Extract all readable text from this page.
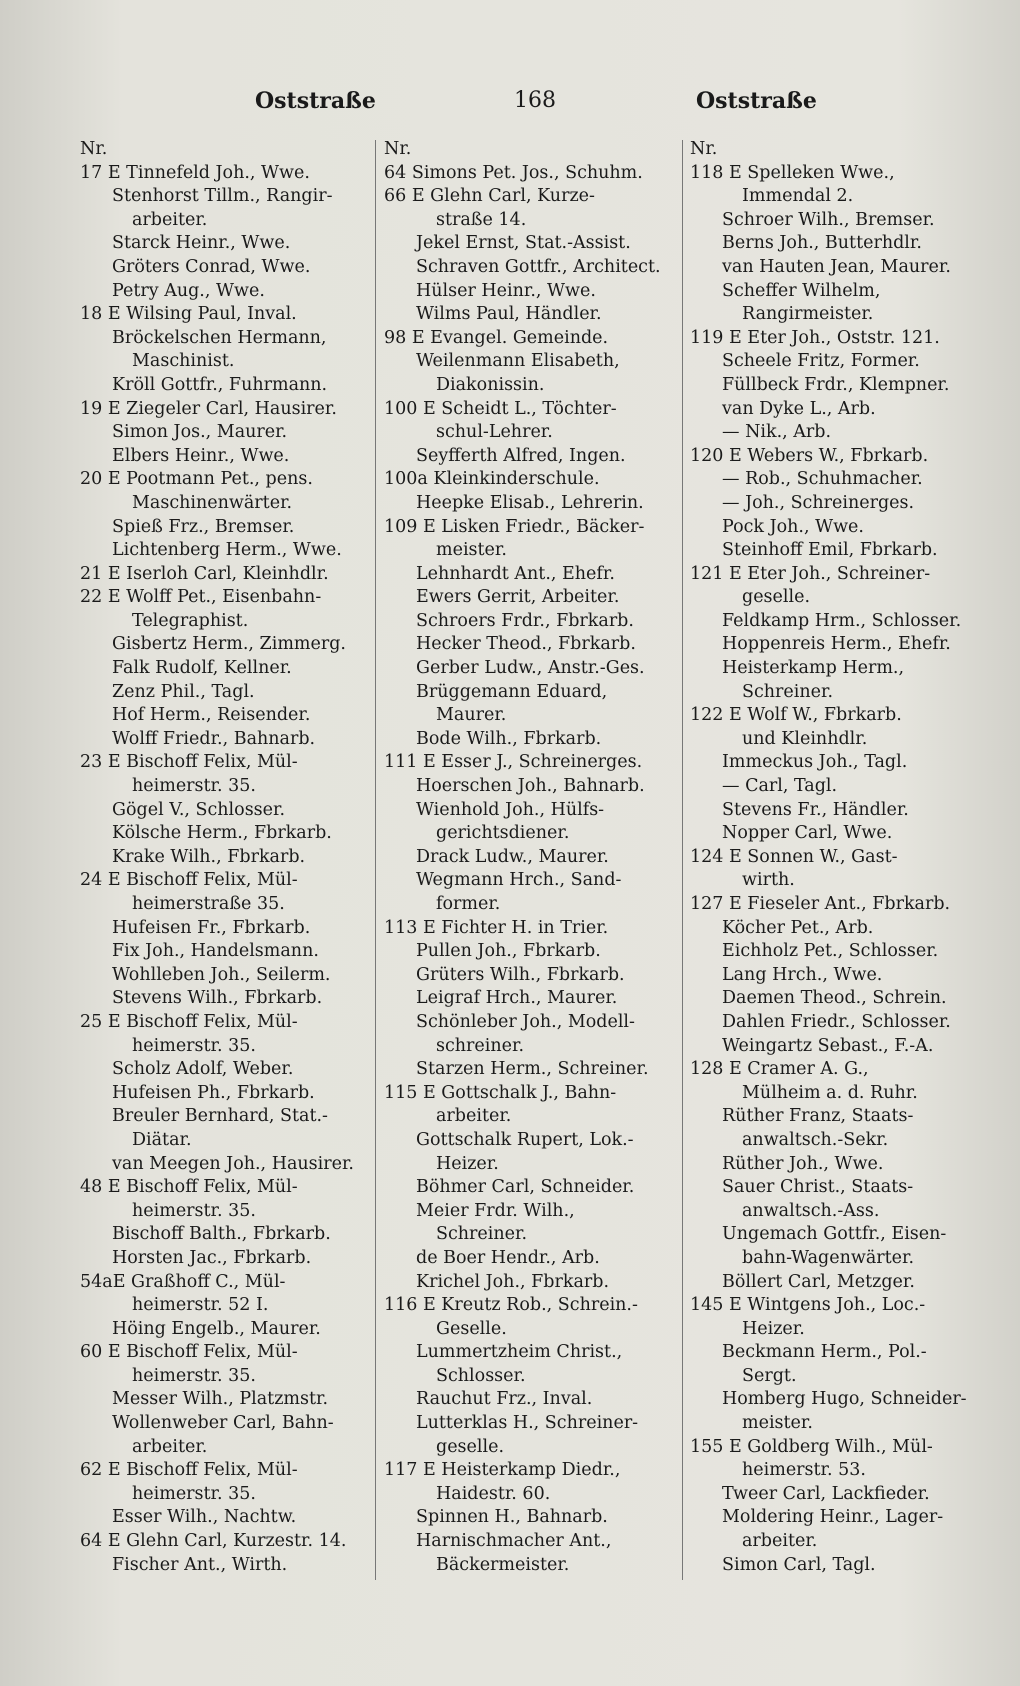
Oststraße	168	Oststraße
Nr.
17 E Tinnefeld Joh., Wwe.
Stenhorst Tillm., Rangir-
arbeiter.
Starck Heinr., Wwe.
Gröters Conrad, Wwe.
Petry Aug., Wwe.
18 E Wilsing Paul, Inval.
Bröckelschen Hermann,
Maschinist.
Kröll Gottfr., Fuhrmann.
19 E Ziegeler Carl, Hausirer.
Simon Jos., Maurer.
Elbers Heinr., Wwe.
20 E Pootmann Pet., pens.
Maschinenwärter.
Spieß Frz., Bremser.
Lichtenberg Herm., Wwe.
21 E Iserloh Carl, Kleinhdlr.
22 E Wolff Pet., Eisenbahn-
Telegraphist.
Gisbertz Herm., Zimmerg.
Falk Rudolf, Kellner.
Zenz Phil., Tagl.
Hof Herm., Reisender.
Wolff Friedr., Bahnarb.
23 E Bischoff Felix, Mül-
heimerstr. 35.
Gögel V., Schlosser.
Kölsche Herm., Fbrkarb.
Krake Wilh., Fbrkarb.
24 E Bischoff Felix, Mül-
heimerstraße 35.
Hufeisen Fr., Fbrkarb.
Fix Joh., Handelsmann.
Wohlleben Joh., Seilerm.
Stevens Wilh., Fbrkarb.
25 E Bischoff Felix, Mül-
heimerstr. 35.
Scholz Adolf, Weber.
Hufeisen Ph., Fbrkarb.
Breuler Bernhard, Stat.-
Diätar.
van Meegen Joh., Hausirer.
48 E Bischoff Felix, Mül-
heimerstr. 35.
Bischoff Balth., Fbrkarb.
Horsten Jac., Fbrkarb.
54aE Graßhoff C., Mül-
heimerstr. 52 I.
Höing Engelb., Maurer.
60 E Bischoff Felix, Mül-
heimerstr. 35.
Messer Wilh., Platzmstr.
Wollenweber Carl, Bahn-
arbeiter.
62 E Bischoff Felix, Mül-
heimerstr. 35.
Esser Wilh., Nachtw.
64 E Glehn Carl, Kurzestr. 14.
Fischer Ant., Wirth.
Nr.
64 Simons Pet. Jos., Schuhm.
66 E Glehn Carl, Kurze-
straße 14.
Jekel Ernst, Stat.-Assist.
Schraven Gottfr., Architect.
Hülser Heinr., Wwe.
Wilms Paul, Händler.
98 E Evangel. Gemeinde.
Weilenmann Elisabeth,
Diakonissin.
100 E Scheidt L., Töchter-
schul-Lehrer.
Seyfferth Alfred, Ingen.
100a Kleinkinderschule.
Heepke Elisab., Lehrerin.
109 E Lisken Friedr., Bäcker-
meister.
Lehnhardt Ant., Ehefr.
Ewers Gerrit, Arbeiter.
Schroers Frdr., Fbrkarb.
Hecker Theod., Fbrkarb.
Gerber Ludw., Anstr.-Ges.
Brüggemann Eduard,
Maurer.
Bode Wilh., Fbrkarb.
111 E Esser J., Schreinerges.
Hoerschen Joh., Bahnarb.
Wienhold Joh., Hülfs-
gerichtsdiener.
Drack Ludw., Maurer.
Wegmann Hrch., Sand-
former.
113 E Fichter H. in Trier.
Pullen Joh., Fbrkarb.
Grüters Wilh., Fbrkarb.
Leigraf Hrch., Maurer.
Schönleber Joh., Modell-
schreiner.
Starzen Herm., Schreiner.
115 E Gottschalk J., Bahn-
arbeiter.
Gottschalk Rupert, Lok.-
Heizer.
Böhmer Carl, Schneider.
Meier Frdr. Wilh.,
Schreiner.
de Boer Hendr., Arb.
Krichel Joh., Fbrkarb.
116 E Kreutz Rob., Schrein.-
Geselle.
Lummertzheim Christ.,
Schlosser.
Rauchut Frz., Inval.
Lutterklas H., Schreiner-
geselle.
117 E Heisterkamp Diedr.,
Haidestr. 60.
Spinnen H., Bahnarb.
Harnischmacher Ant.,
Bäckermeister.
Nr.
118 E Spelleken Wwe.,
Immendal 2.
Schroer Wilh., Bremser.
Berns Joh., Butterhdlr.
van Hauten Jean, Maurer.
Scheffer Wilhelm,
Rangirmeister.
119 E Eter Joh., Oststr. 121.
Scheele Fritz, Former.
Füllbeck Frdr., Klempner.
van Dyke L., Arb.
— Nik., Arb.
120 E Webers W., Fbrkarb.
— Rob., Schuhmacher.
— Joh., Schreinerges.
Pock Joh., Wwe.
Steinhoff Emil, Fbrkarb.
121 E Eter Joh., Schreiner-
geselle.
Feldkamp Hrm., Schlosser.
Hoppenreis Herm., Ehefr.
Heisterkamp Herm.,
Schreiner.
122 E Wolf W., Fbrkarb.
und Kleinhdlr.
Immeckus Joh., Tagl.
— Carl, Tagl.
Stevens Fr., Händler.
Nopper Carl, Wwe.
124 E Sonnen W., Gast-
wirth.
127 E Fieseler Ant., Fbrkarb.
Köcher Pet., Arb.
Eichholz Pet., Schlosser.
Lang Hrch., Wwe.
Daemen Theod., Schrein.
Dahlen Friedr., Schlosser.
Weingartz Sebast., F.-A.
128 E Cramer A. G.,
Mülheim a. d. Ruhr.
Rüther Franz, Staats-
anwaltsch.-Sekr.
Rüther Joh., Wwe.
Sauer Christ., Staats-
anwaltsch.-Ass.
Ungemach Gottfr., Eisen-
bahn-Wagenwärter.
Böllert Carl, Metzger.
145 E Wintgens Joh., Loc.-
Heizer.
Beckmann Herm., Pol.-
Sergt.
Homberg Hugo, Schneider-
meister.
155 E Goldberg Wilh., Mül-
heimerstr. 53.
Tweer Carl, Lackfieder.
Moldering Heinr., Lager-
arbeiter.
Simon Carl, Tagl.
